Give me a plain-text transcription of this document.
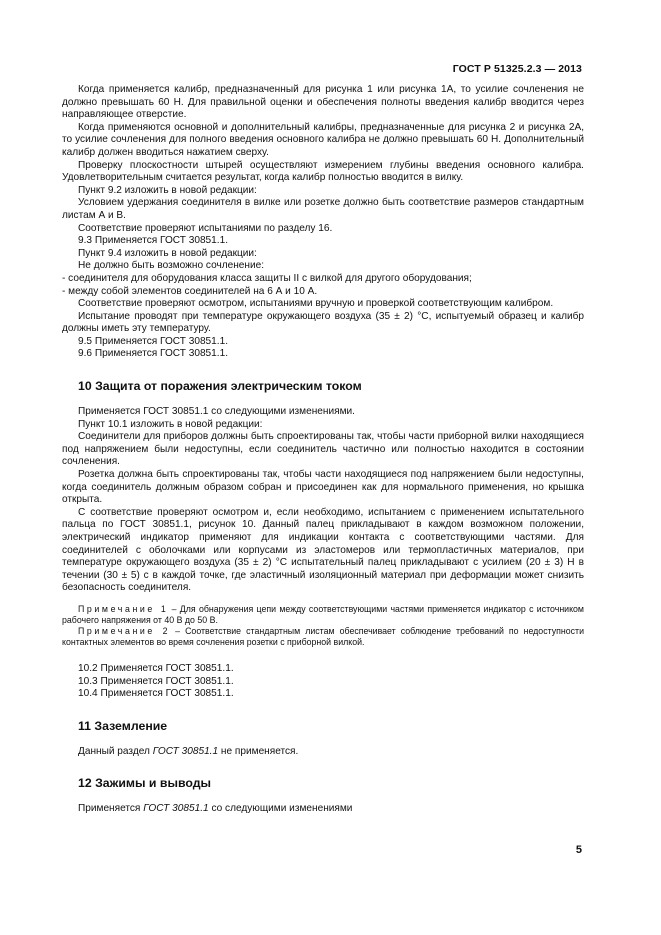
ГОСТ Р 51325.2.3 — 2013

Когда применяется калибр, предназначенный для рисунка 1 или рисунка 1А, то усилие сочленения не должно превышать 60 Н. Для правильной оценки и обеспечения полноты введения калибр вводится через направляющее отверстие.

Когда применяются основной и дополнительный калибры, предназначенные для рисунка 2 и рисунка 2А, то усилие сочленения для полного введения основного калибра не должно превышать 60 Н. Дополнительный калибр должен вводиться нажатием сверху.

Проверку плоскостности штырей осуществляют измерением глубины введения основного калибра. Удовлетворительным считается результат, когда калибр полностью вводится в вилку.

Пункт 9.2 изложить в новой редакции:

Условием удержания соединителя в вилке или розетке должно быть соответствие размеров стандартным листам А и В.

Соответствие проверяют испытаниями по разделу 16.

9.3 Применяется ГОСТ 30851.1.

Пункт 9.4 изложить в новой редакции:

Не должно быть возможно сочленение:

- соединителя для оборудования класса защиты II с вилкой для другого оборудования;

- между собой элементов соединителей на 6 А и 10 А.

Соответствие проверяют осмотром, испытаниями вручную и проверкой соответствующим калибром.

Испытание проводят при температуре окружающего воздуха (35 ± 2) °С, испытуемый образец и калибр должны иметь эту температуру.

9.5 Применяется ГОСТ 30851.1.

9.6 Применяется ГОСТ 30851.1.

10 Защита от поражения электрическим током

Применяется ГОСТ 30851.1 со следующими изменениями.

Пункт 10.1 изложить в новой редакции:

Соединители для приборов должны быть спроектированы так, чтобы части приборной вилки находящиеся под напряжением были недоступны, если соединитель частично или полностью находится в состоянии сочленения.

Розетка должна быть спроектированы так, чтобы части находящиеся под напряжением были недоступны, когда соединитель должным образом собран и присоединен как для нормального применения, но крышка открыта.

С соответствие проверяют осмотром и, если необходимо, испытанием с применением испытательного пальца по ГОСТ 30851.1, рисунок 10. Данный палец прикладывают в каждом возможном положении, электрический индикатор применяют для индикации контакта с соответствующими частями. Для соединителей с оболочками или корпусами из эластомеров или термопластичных материалов, при температуре окружающего воздуха (35 ± 2) °С испытательный палец прикладывают с усилием (20 ± 3) Н в течении (30 ± 5) с в каждой точке, где эластичный изоляционный материал при деформации может снизить безопасность соединителя.

Примечание 1 – Для обнаружения цепи между соответствующими частями применяется индикатор с источником рабочего напряжения от 40 В до 50 В.

Примечание 2 – Соответствие стандартным листам обеспечивает соблюдение требований по недоступности контактных элементов во время сочленения розетки с приборной вилкой.

10.2 Применяется ГОСТ 30851.1.

10.3 Применяется ГОСТ 30851.1.

10.4 Применяется ГОСТ 30851.1.

11 Заземление

Данный раздел ГОСТ 30851.1 не применяется.

12 Зажимы и выводы

Применяется ГОСТ 30851.1 со следующими изменениями

5
